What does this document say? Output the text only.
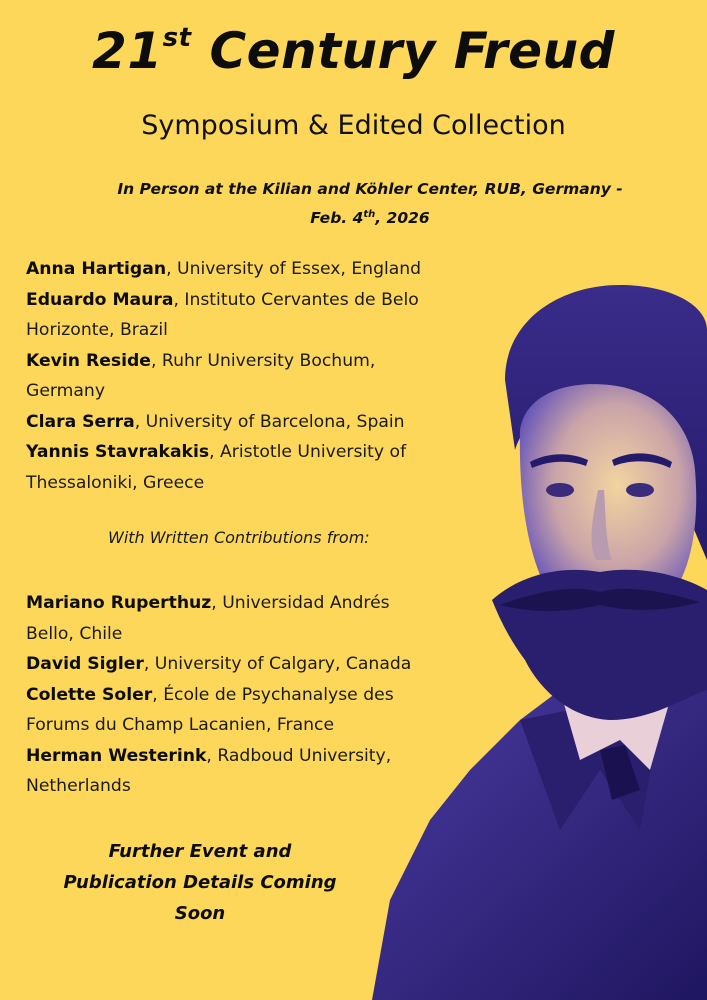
21st Century Freud
Symposium & Edited Collection
In Person at the Kilian and Köhler Center, RUB, Germany -
Feb. 4th, 2026
Anna Hartigan, University of Essex, England
Eduardo Maura, Instituto Cervantes de Belo
Horizonte, Brazil
Kevin Reside, Ruhr University Bochum,
Germany
Clara Serra, University of Barcelona, Spain
Yannis Stavrakakis, Aristotle University of
Thessaloniki, Greece
With Written Contributions from:
Mariano Ruperthuz, Universidad Andrés
Bello, Chile
David Sigler, University of Calgary, Canada
Colette Soler, École de Psychanalyse des
Forums du Champ Lacanien, France
Herman Westerink, Radboud University,
Netherlands
Further Event and
Publication Details Coming
Soon
